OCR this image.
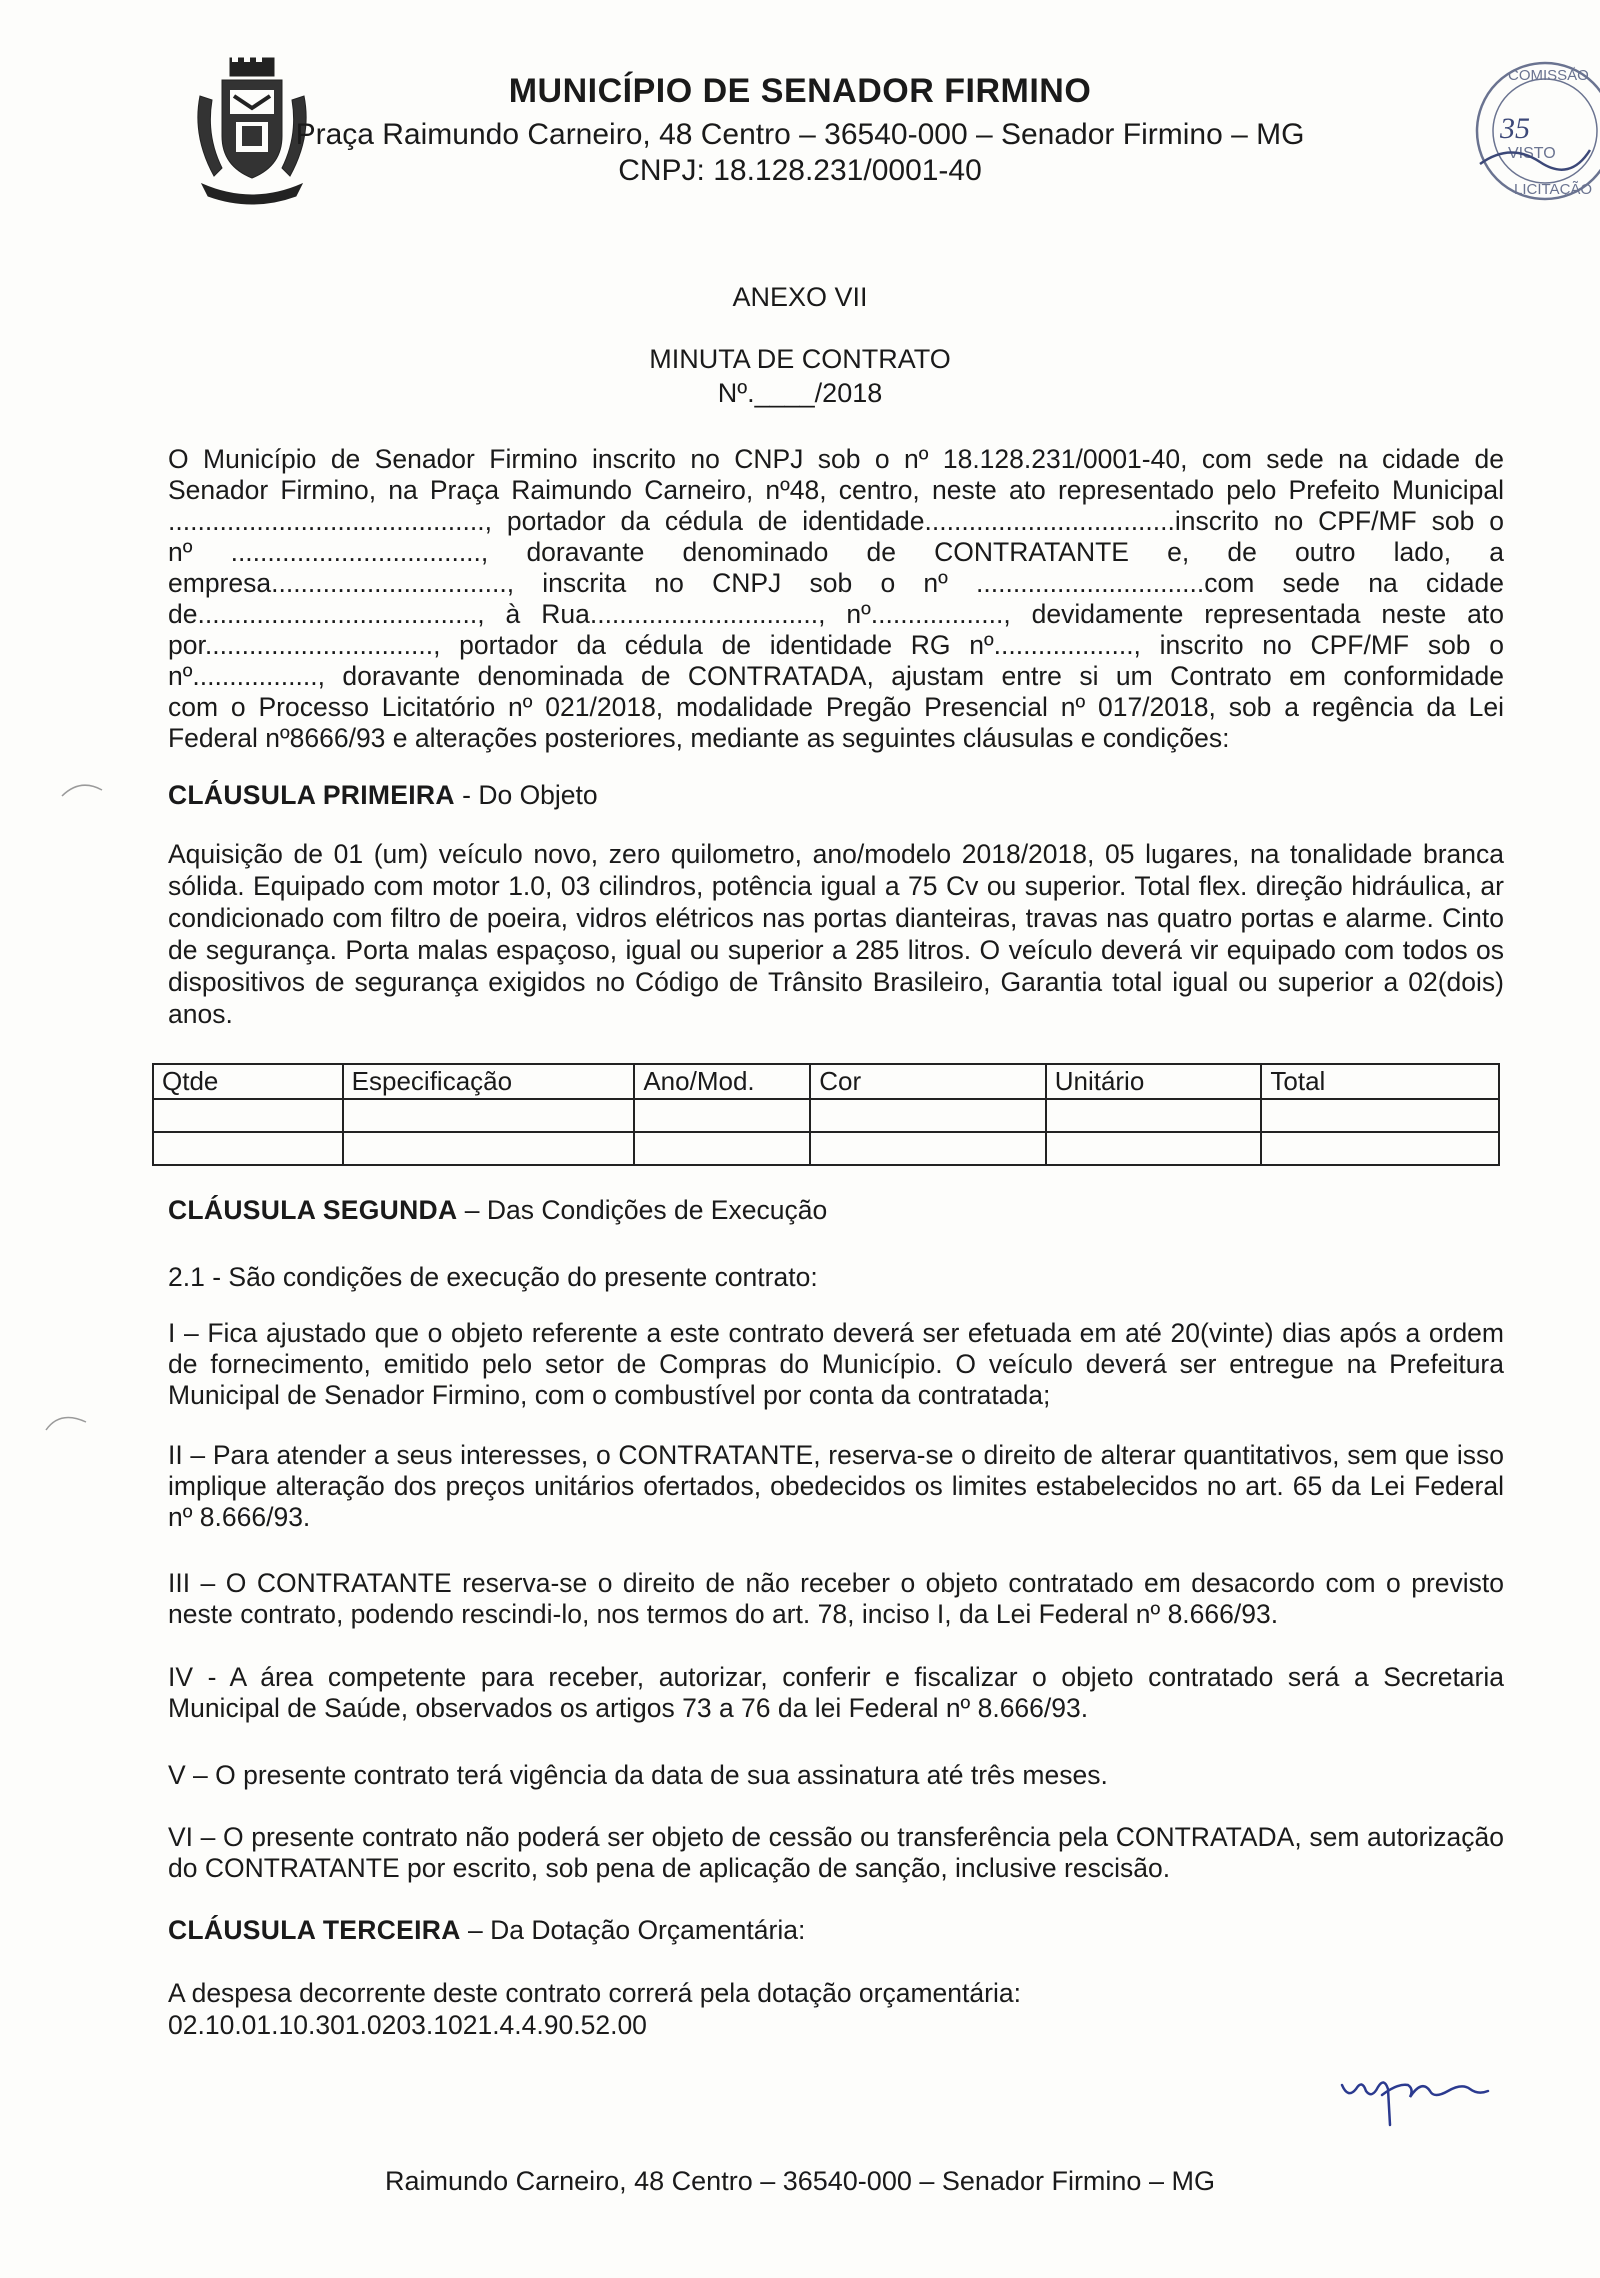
MUNICÍPIO DE SENADOR FIRMINO
Praça Raimundo Carneiro, 48 Centro – 36540-000 – Senador Firmino – MG
CNPJ: 18.128.231/0001-40
COMISSÃO
LICITAÇÃO
35
VISTO
ANEXO VII
MINUTA DE CONTRATO
Nº.____/2018
O Município de Senador Firmino inscrito no CNPJ sob o nº 18.128.231/0001-40, com sede na cidade de
Senador Firmino, na Praça Raimundo Carneiro, nº48, centro, neste ato representado pelo Prefeito Municipal
..........................................., portador da cédula de identidade..................................inscrito no CPF/MF sob o
nº .................................., doravante denominado de CONTRATANTE e, de outro lado, a
empresa................................, inscrita no CNPJ sob o nº ...............................com sede na cidade
de......................................, à Rua..............................., nº.................., devidamente representada neste ato
por..............................., portador da cédula de identidade RG nº..................., inscrito no CPF/MF sob o
nº................., doravante denominada de CONTRATADA, ajustam entre si um Contrato em conformidade
com o Processo Licitatório nº 021/2018, modalidade Pregão Presencial nº 017/2018, sob a regência da Lei
Federal nº8666/93 e alterações posteriores, mediante as seguintes cláusulas e condições:
CLÁUSULA PRIMEIRA - Do Objeto
Aquisição de 01 (um) veículo novo, zero quilometro, ano/modelo 2018/2018, 05 lugares, na tonalidade branca sólida. Equipado com motor 1.0, 03 cilindros, potência igual a 75 Cv ou superior. Total flex. direção hidráulica, ar condicionado com filtro de poeira, vidros elétricos nas portas dianteiras, travas nas quatro portas e alarme. Cinto de segurança. Porta malas espaçoso, igual ou superior a 285 litros. O veículo deverá vir equipado com todos os dispositivos de segurança exigidos no Código de Trânsito Brasileiro, Garantia total igual ou superior a 02(dois) anos.
Qtde	Especificação	Ano/Mod.	Cor	Unitário	Total

CLÁUSULA SEGUNDA – Das Condições de Execução
2.1 - São condições de execução do presente contrato:
I – Fica ajustado que o objeto referente a este contrato deverá ser efetuada em até 20(vinte) dias após a ordem de fornecimento, emitido pelo setor de Compras do Município. O veículo deverá ser entregue na Prefeitura Municipal de Senador Firmino, com o combustível por conta da contratada;
II – Para atender a seus interesses, o CONTRATANTE, reserva-se o direito de alterar quantitativos, sem que isso implique alteração dos preços unitários ofertados, obedecidos os limites estabelecidos no art. 65 da Lei Federal nº 8.666/93.
III – O CONTRATANTE reserva-se o direito de não receber o objeto contratado em desacordo com o previsto neste contrato, podendo rescindi-lo, nos termos do art. 78, inciso I, da Lei Federal nº 8.666/93.
IV - A área competente para receber, autorizar, conferir e fiscalizar o objeto contratado será a Secretaria Municipal de Saúde, observados os artigos 73 a 76 da lei Federal nº 8.666/93.
V – O presente contrato terá vigência da data de sua assinatura até três meses.
VI – O presente contrato não poderá ser objeto de cessão ou transferência pela CONTRATADA, sem autorização do CONTRATANTE por escrito, sob pena de aplicação de sanção, inclusive rescisão.
CLÁUSULA TERCEIRA – Da Dotação Orçamentária:
A despesa decorrente deste contrato correrá pela dotação orçamentária:
02.10.01.10.301.0203.1021.4.4.90.52.00
Raimundo Carneiro, 48 Centro – 36540-000 – Senador Firmino – MG
